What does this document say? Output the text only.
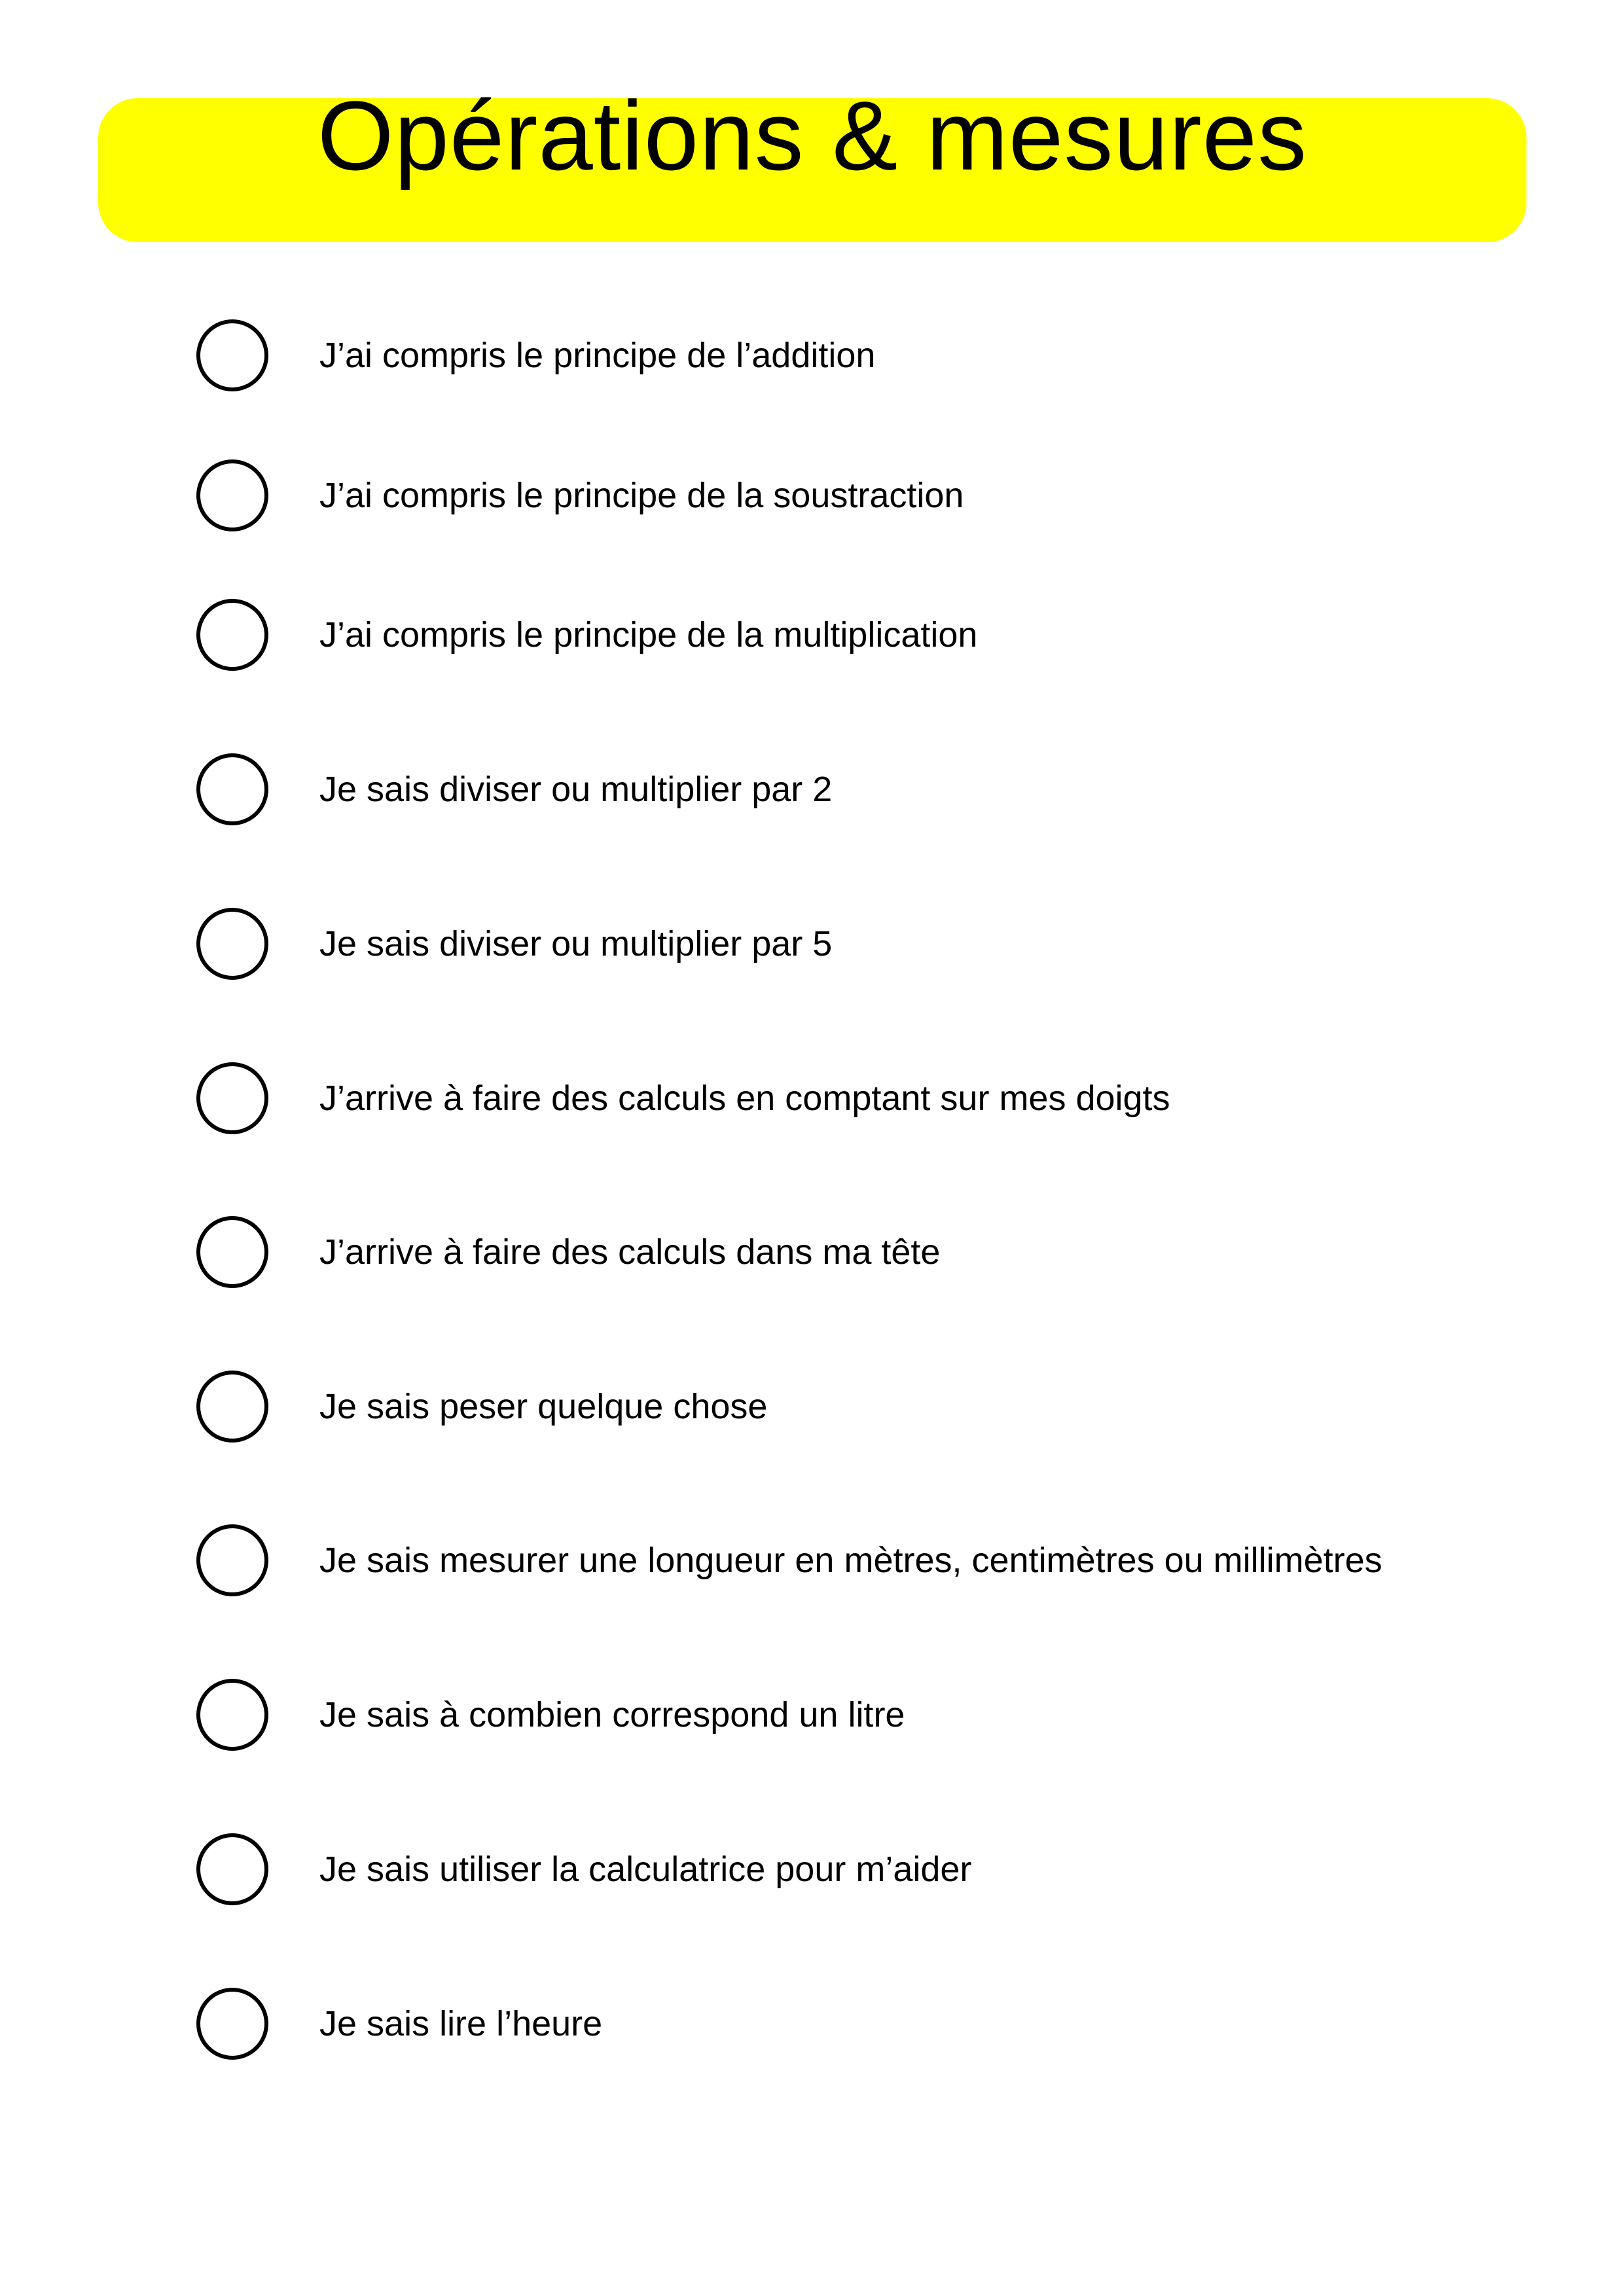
Opérations & mesures
J’ai compris le principe de l’addition
J’ai compris le principe de la soustraction
J’ai compris le principe de la multiplication
Je sais diviser ou multiplier par 2
Je sais diviser ou multiplier par 5
J’arrive à faire des calculs en comptant sur mes doigts
J’arrive à faire des calculs dans ma tête
Je sais peser quelque chose
Je sais mesurer une longueur en mètres, centimètres ou millimètres
Je sais à combien correspond un litre
Je sais utiliser la calculatrice pour m’aider
Je sais lire l’heure
